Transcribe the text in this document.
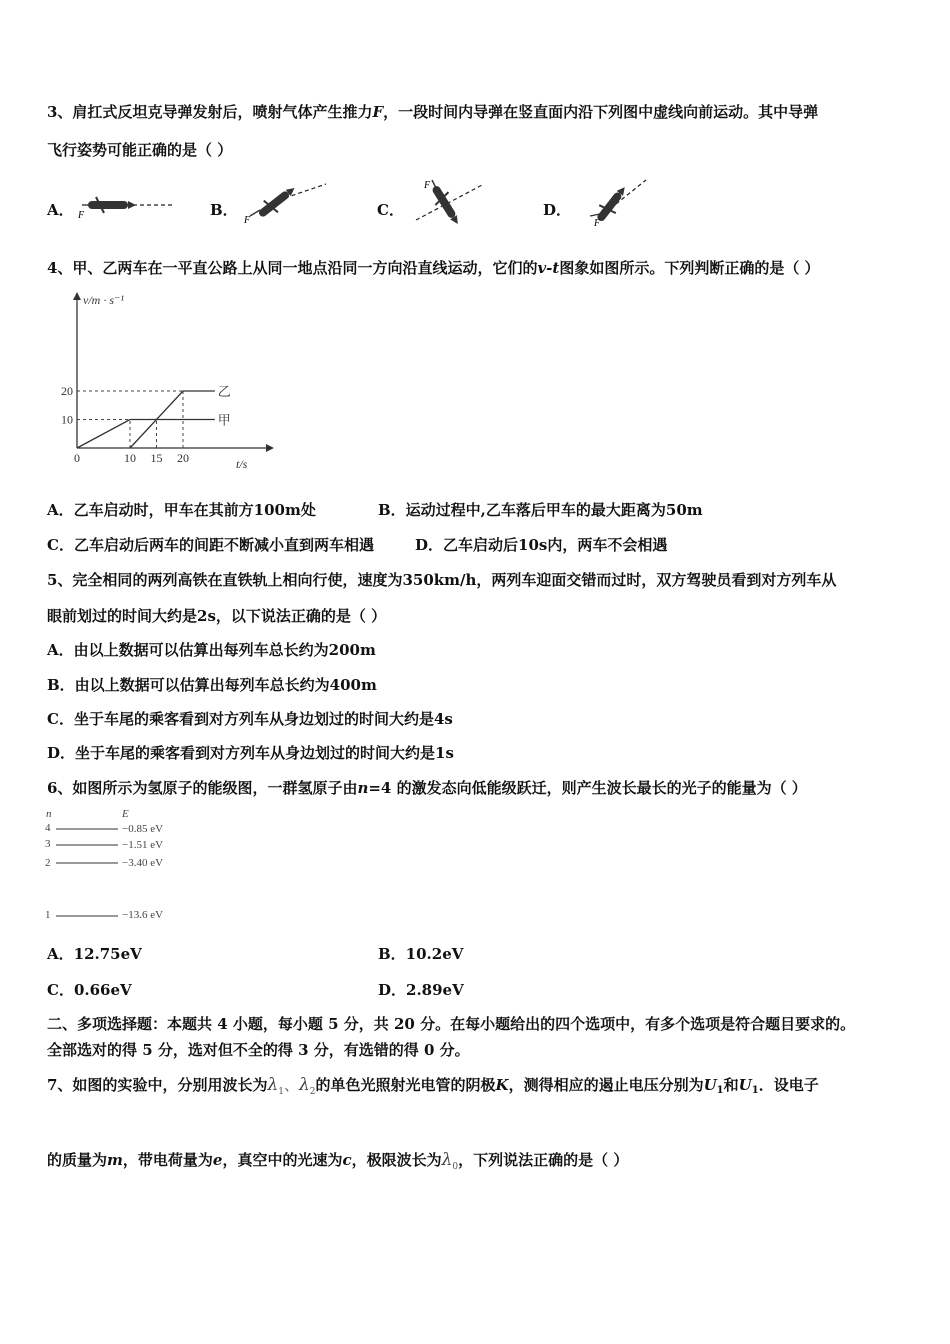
3、肩扛式反坦克导弹发射后，喷射气体产生推力F，一段时间内导弹在竖直面内沿下列图中虚线向前运动。其中导弹
飞行姿势可能正确的是（ ）
A． F	B．
F
C．
F
D．
F
4、甲、乙两车在一平直公路上从同一地点沿同一方向沿直线运动，它们的v-t图象如图所示。下列判断正确的是（ ）
v/m · s⁻¹
t/s
10
20
0	10 15 20
甲
乙
A．乙车启动时，甲车在其前方100m处	B．运动过程中,乙车落后甲车的最大距离为50m
C．乙车启动后两车的间距不断减小直到两车相遇	D．乙车启动后10s内，两车不会相遇
5、完全相同的两列高铁在直铁轨上相向行使，速度为350km/h，两列车迎面交错而过时，双方驾驶员看到对方列车从
眼前划过的时间大约是2s，以下说法正确的是（ ）
A．由以上数据可以估算出每列车总长约为200m
B．由以上数据可以估算出每列车总长约为400m
C．坐于车尾的乘客看到对方列车从身边划过的时间大约是4s
D．坐于车尾的乘客看到对方列车从身边划过的时间大约是1s
6、如图所示为氢原子的能级图，一群氢原子由n=4 的激发态向低能级跃迁，则产生波长最长的光子的能量为（ ）
n	E
4	−0.85 eV
3	−1.51 eV
2	−3.40 eV
1	−13.6 eV
A．12.75eV	B．10.2eV
C．0.66eV	D．2.89eV
二、多项选择题：本题共 4 小题，每小题 5 分，共 20 分。在每小题给出的四个选项中，有多个选项是符合题目要求的。
全部选对的得 5 分，选对但不全的得 3 分，有选错的得 0 分。
7、如图的实验中，分别用波长为$\lambda_1$、$\lambda_2$的单色光照射光电管的阴极K，测得相应的遏止电压分别为$U_1$和$U_1$．设电子
的质量为m，带电荷量为e，真空中的光速为c，极限波长为$\lambda_0$，下列说法正确的是（ ）
